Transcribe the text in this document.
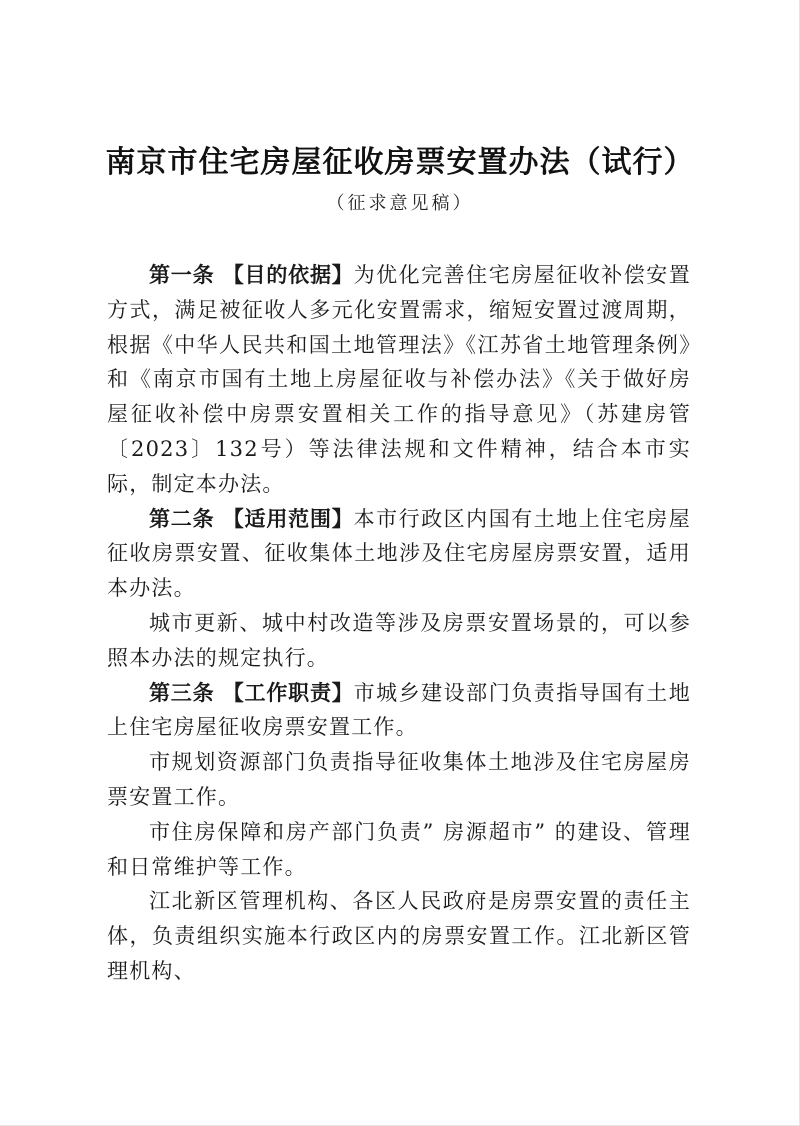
南京市住宅房屋征收房票安置办法（试行）
（征求意见稿）

第一条 【目的依据】为优化完善住宅房屋征收补偿安置方式，满足被征收人多元化安置需求，缩短安置过渡周期，根据《中华人民共和国土地管理法》《江苏省土地管理条例》和《南京市国有土地上房屋征收与补偿办法》《关于做好房屋征收补偿中房票安置相关工作的指导意见》（苏建房管〔2023〕132号）等法律法规和文件精神，结合本市实际，制定本办法。

第二条 【适用范围】本市行政区内国有土地上住宅房屋征收房票安置、征收集体土地涉及住宅房屋房票安置，适用本办法。

城市更新、城中村改造等涉及房票安置场景的，可以参照本办法的规定执行。

第三条 【工作职责】市城乡建设部门负责指导国有土地上住宅房屋征收房票安置工作。

市规划资源部门负责指导征收集体土地涉及住宅房屋房票安置工作。

市住房保障和房产部门负责” 房源超市” 的建设、管理和日常维护等工作。

江北新区管理机构、各区人民政府是房票安置的责任主体，负责组织实施本行政区内的房票安置工作。江北新区管理机构、
